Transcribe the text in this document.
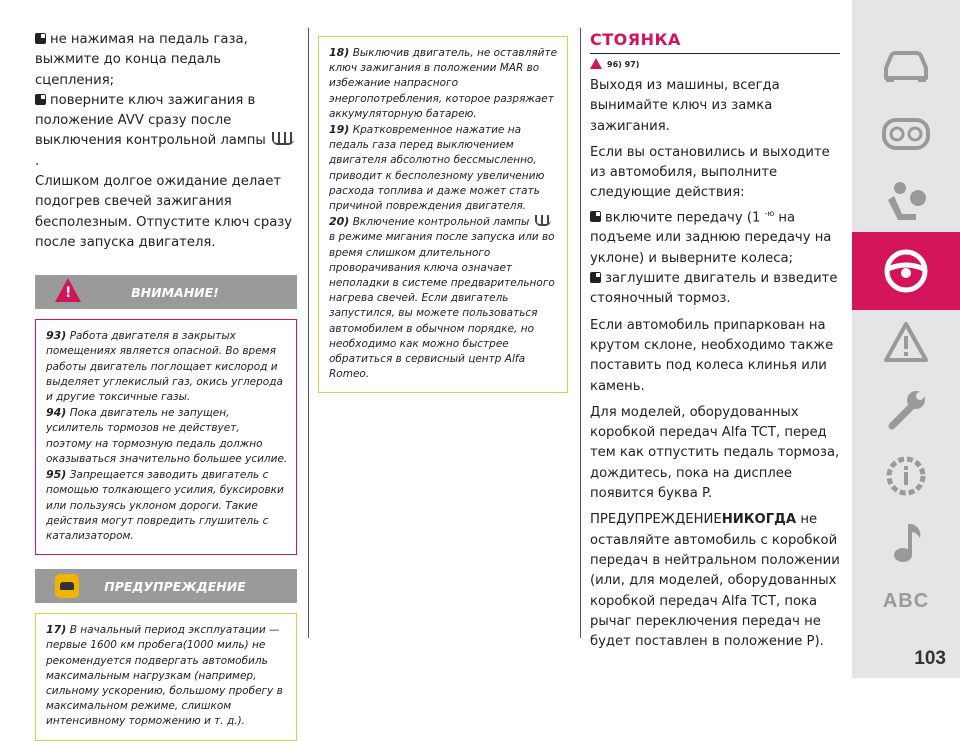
не нажимая на педаль газа, выжмите до конца педаль сцепления;

поверните ключ зажигания в положение AVV сразу после выключения контрольной лампы  .

Слишком долгое ожидание делает подогрев свечей зажигания бесполезным. Отпустите ключ сразу после запуска двигателя.

!	ВНИМАНИЕ!

93) Работа двигателя в закрытых помещениях является опасной. Во время работы двигатель поглощает кислород и выделяет углекислый газ, окись углерода и другие токсичные газы.

94) Пока двигатель не запущен, усилитель тормозов не действует, поэтому на тормозную педаль должно оказываться значительно большее усилие.

95) Запрещается заводить двигатель с помощью толкающего усилия, буксировки или пользуясь уклоном дороги. Такие действия могут повредить глушитель с катализатором.

ПРЕДУПРЕЖДЕНИЕ

17) В начальный период эксплуатации — первые 1600 км пробега(1000 миль) не рекомендуется подвергать автомобиль максимальным нагрузкам (например, сильному ускорению, большому пробегу в максимальном режиме, слишком интенсивному торможению и т. д.).

18) Выключив двигатель, не оставляйте ключ зажигания в положении MAR во избежание напрасного энергопотребления, которое разряжает аккумуляторную батарею.

19) Кратковременное нажатие на педаль газа перед выключением двигателя абсолютно бессмысленно, приводит к бесполезному увеличению расхода топлива и даже может стать причиной повреждения двигателя.

20) Включение контрольной лампы  в режиме мигания после запуска или во время слишком длительного проворачивания ключа означает неполадки в системе предварительного нагрева свечей. Если двигатель запустился, вы можете пользоваться автомобилем в обычном порядке, но необходимо как можно быстрее обратиться в сервисный центр Alfa Romeo.

СТОЯНКА
96) 97)

Выходя из машины, всегда вынимайте ключ из замка зажигания.

Если вы остановились и выходите из автомобиля, выполните следующие действия:

включите передачу (1 $^{-ю}$ на подъеме или заднюю передачу на уклоне) и выверните колеса;

заглушите двигатель и взведите стояночный тормоз.

Если автомобиль припаркован на крутом склоне, необходимо также поставить под колеса клинья или камень.

Для моделей, оборудованных коробкой передач Alfa TCT, перед тем как отпустить педаль тормоза, дождитесь, пока на дисплее появится буква P.

ПРЕДУПРЕЖДЕНИЕНИКОГДА не оставляйте автомобиль с коробкой передач в нейтральном положении (или, для моделей, оборудованных коробкой передач Alfa TCT, пока рычаг переключения передач не будет поставлен в положение P).

ABC
103
